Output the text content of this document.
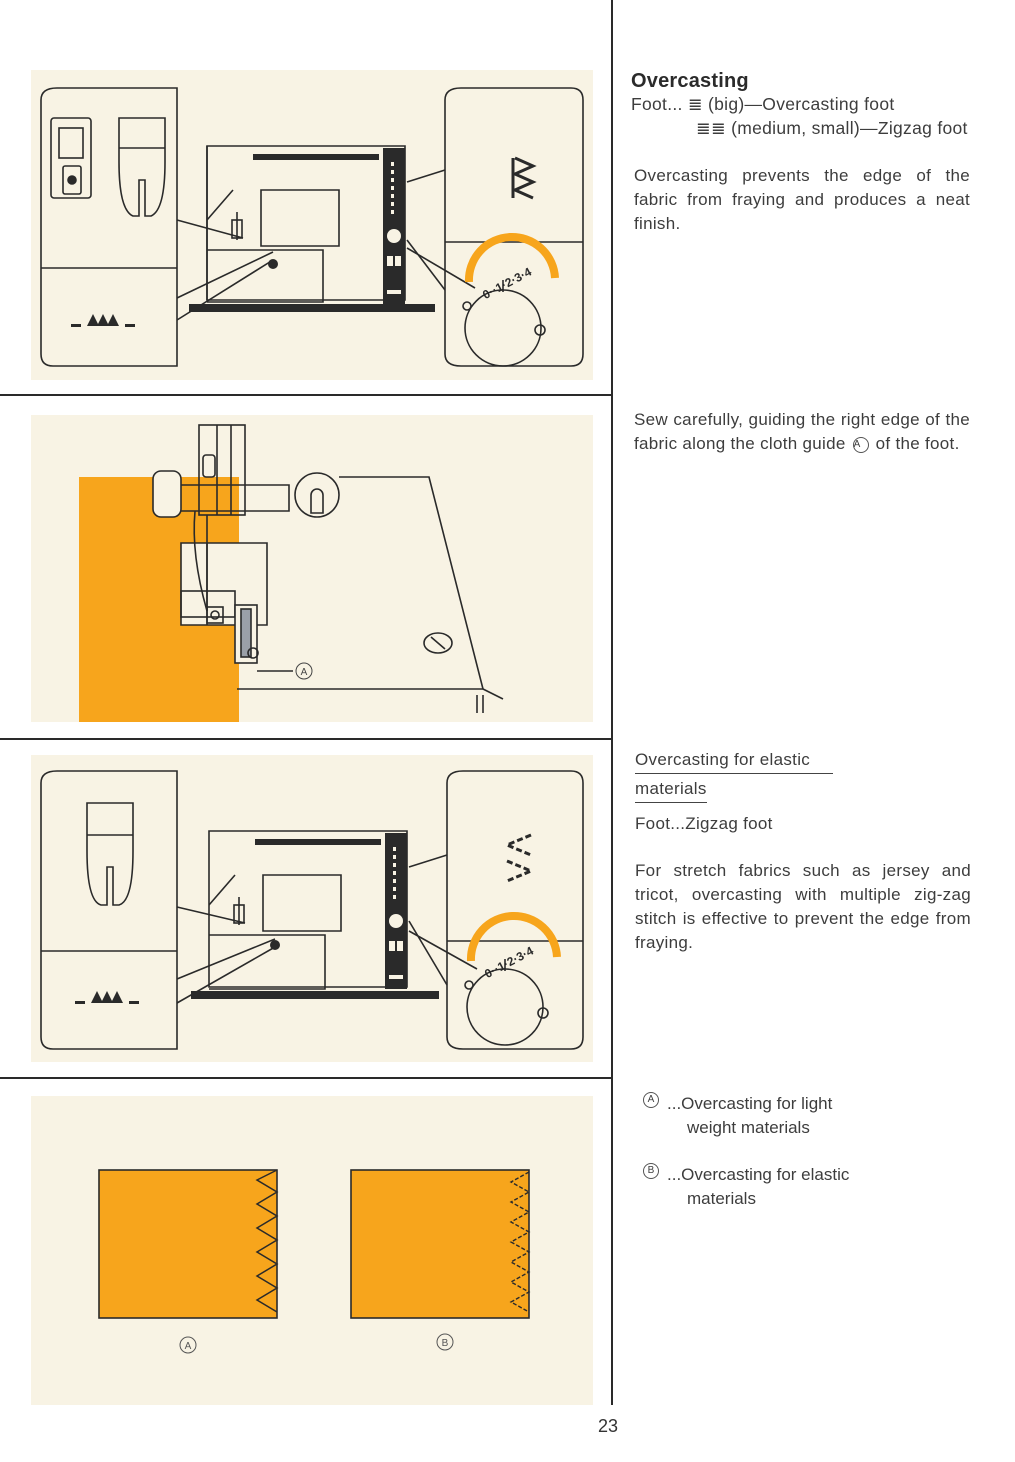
0··1·2·3·4
A
0··1·2·3·4
A	B
Overcasting
Foot... ≣ (big)—Overcasting foot
≣≣ (medium, small)—Zigzag foot
Overcasting prevents the edge of the fabric from fraying and produces a neat finish.
Sew carefully, guiding the right edge of the fabric along the cloth guide A of the foot.
Overcasting for elastic
materials
Foot...Zigzag foot
For stretch fabrics such as jersey and tricot, overcasting with multiple zig-zag stitch is effective to prevent the edge from fraying.
A ...Overcasting for light
weight materials
B ...Overcasting for elastic
materials
23
